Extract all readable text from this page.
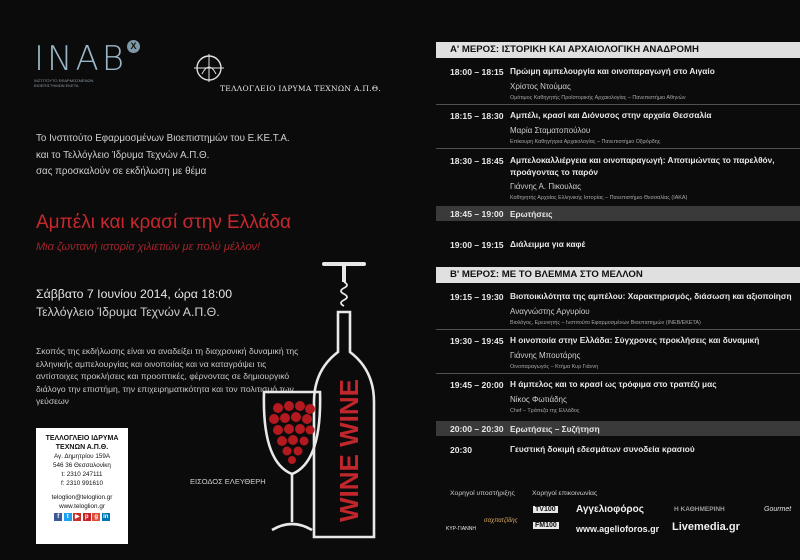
INAB X
ΙΝΣΤΙΤΟΥΤΟ ΕΦΑΡΜΟΣΜΕΝΩΝ ΒΙΟΕΠΙΣΤΗΜΩΝ ΕΚΕΤΑ	ΤΕΛΛΟΓΛΕΙΟ ΙΔΡΥΜΑ ΤΕΧΝΩΝ Α.Π.Θ.
Το Ινστιτούτο Εφαρμοσμένων Βιοεπιστημών του Ε.ΚΕ.Τ.Α.
και το Τελλόγλειο Ίδρυμα Τεχνών Α.Π.Θ.
σας προσκαλούν σε εκδήλωση με θέμα
Αμπέλι και κρασί στην Ελλάδα
Μια ζωντανή ιστορία χιλιετιών με πολύ μέλλον!
Σάββατο 7 Ιουνίου 2014, ώρα 18:00
Τελλόγλειο Ίδρυμα Τεχνών Α.Π.Θ.
Σκοπός της εκδήλωσης είναι να αναδείξει τη διαχρονική δυναμική της ελληνικής αμπελουργίας και οινοποιίας και να καταγράψει τις αντίστοιχες προκλήσεις και προοπτικές, φέρνοντας σε δημιουργικό διάλογο την επιστήμη, την επιχειρηματικότητα και τον πολιτισμό των γεύσεων
ΤΕΛΛΟΓΛΕΙΟ ΙΔΡΥΜΑ
ΤΕΧΝΩΝ Α.Π.Θ.
Αγ. Δημητρίου 159Α
546 36 Θεσσαλονίκη
t: 2310 247111
f: 2310 991610
teloglion@teloglion.gr
www.teloglion.gr
f	t	▶ p g in
ΕΙΣΟΔΟΣ ΕΛΕΥΘΕΡΗ	WINE WINE
Α' ΜΕΡΟΣ: ΙΣΤΟΡΙΚΗ ΚΑΙ ΑΡΧΑΙΟΛΟΓΙΚΗ ΑΝΑΔΡΟΜΗ
18:00 – 18:15 Πρώιμη αμπελουργία και οινοπαραγωγή στο Αιγαίο
Χρίστος Ντούμας
Ομότιμος Καθηγητής Προϊστορικής Αρχαιολογίας – Πανεπιστήμιο Αθηνών
18:15 – 18:30 Αμπέλι, κρασί και Διόνυσος στην αρχαία Θεσσαλία
Μαρία Σταματοπούλου
Επίκουρη Καθηγήτρια Αρχαιολογίας – Πανεπιστήμιο Οξφόρδης
18:30 – 18:45 Αμπελοκαλλιέργεια και οινοπαραγωγή: Αποτιμώντας το παρελθόν, προάγοντας το παρόν
Γιάννης Α. Πικουλας
Καθηγητής Αρχαίας Ελληνικής Ιστορίας – Πανεπιστήμιο Θεσσαλίας (ΙΑΚΑ)
18:45 – 19:00 Ερωτήσεις
19:00 – 19:15 Διάλειμμα για καφέ
Β' ΜΕΡΟΣ: ΜΕ ΤΟ ΒΛΕΜΜΑ ΣΤΟ ΜΕΛΛΟΝ
19:15 – 19:30 Βιοποικιλότητα της αμπέλου: Χαρακτηρισμός, διάσωση και αξιοποίηση
Αναγνώστης Αργυρίου
Βιολόγος, Ερευνητής – Ινστιτούτο Εφαρμοσμένων Βιοεπιστημών (ΙΝΕΒ/ΕΚΕΤΑ)
19:30 – 19:45 Η οινοποιία στην Ελλάδα: Σύγχρονες προκλήσεις και δυναμική
Γιάννης Μπουτάρης
Οινοπαραγωγός – Κτήμα Κυρ Γιάννη
19:45 – 20:00 Η άμπελος και το κρασί ως τρόφιμα στο τραπέζι μας
Νίκος Φωτιάδης
Chef – Τράπεζα της Ελλάδος
20:00 – 20:30 Ερωτήσεις – Συζήτηση
20:30	Γευστική δοκιμή εδεσμάτων συνοδεία κρασιού
Χορηγοί υποστήριξης	Χορηγοί επικοινωνίας
ΚΥΡ-ΓΙΑΝΝΗ
σαχπατζίδης
TV100
FM100
Αγγελιοφόρος	Η ΚΑΘΗΜΕΡΙΝΗ	Gourmet
www.agelioforos.gr Livemedia.gr
